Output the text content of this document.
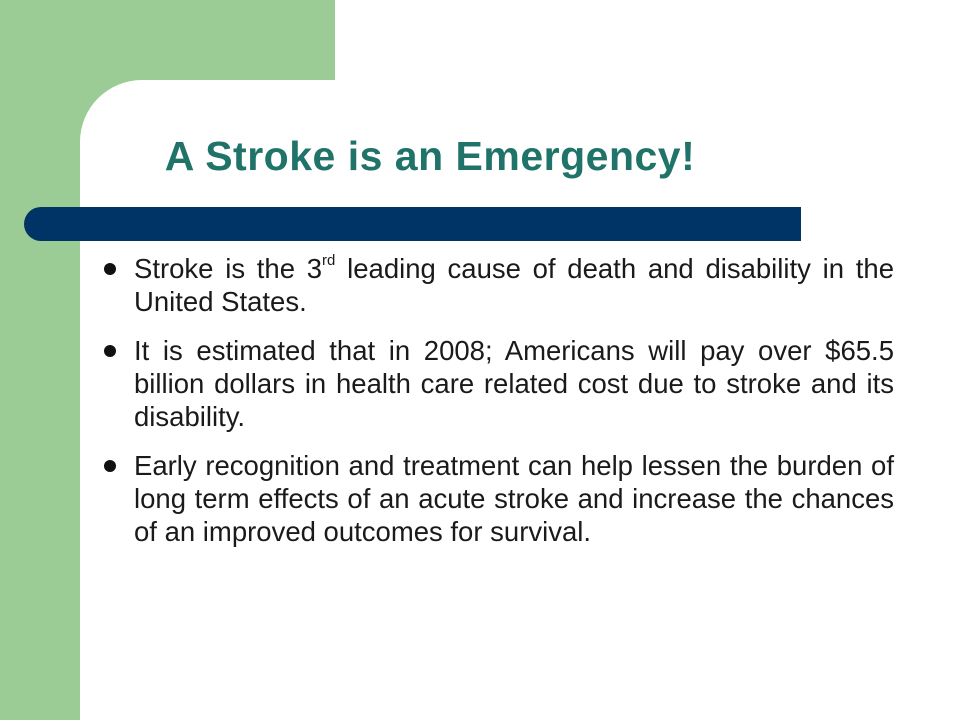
A Stroke is an Emergency!
Stroke is the 3rd leading cause of death and disability in the United States.
It is estimated that in 2008; Americans will pay over $65.5 billion dollars in health care related cost due to stroke and its disability.
Early recognition and treatment can help lessen the burden of long term effects of an acute stroke and increase the chances of an improved outcomes for survival.
